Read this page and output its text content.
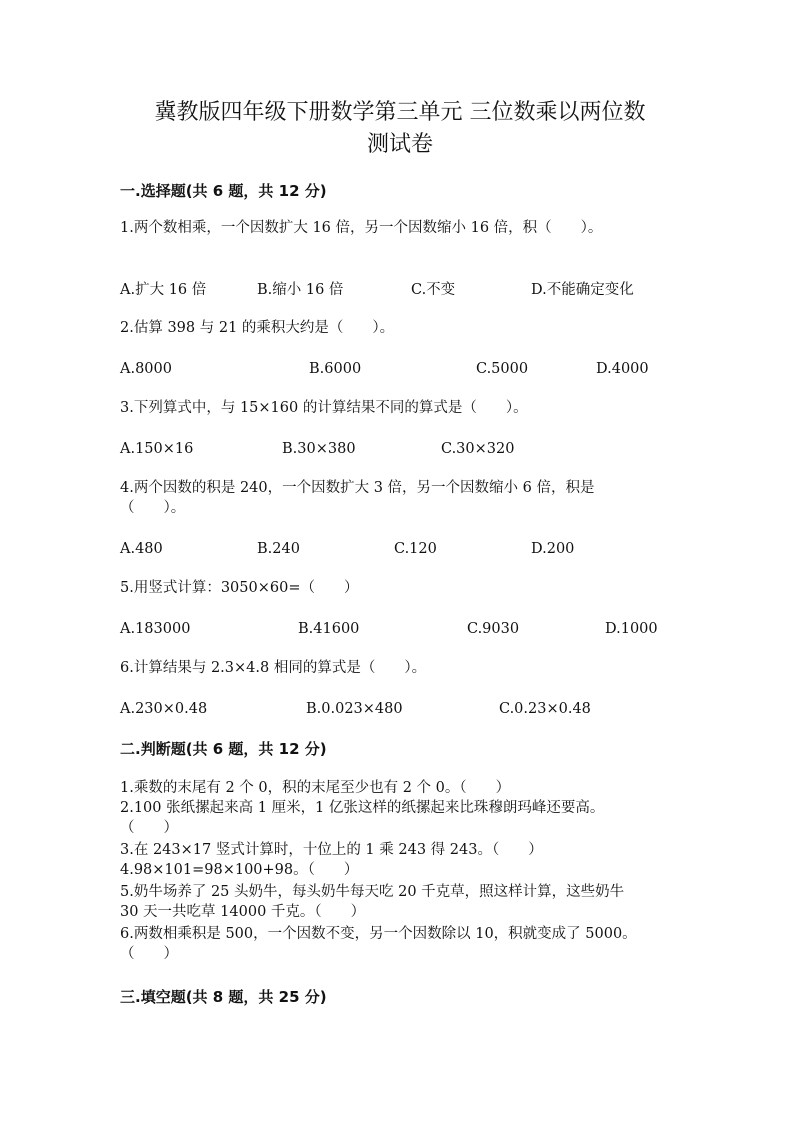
冀教版四年级下册数学第三单元 三位数乘以两位数
测试卷
一.选择题(共 6 题，共 12 分)

1.两个数相乘，一个因数扩大 16 倍，另一个因数缩小 16 倍，积（　　）。

A.扩大 16 倍	B.缩小 16 倍	C.不变	D.不能确定变化

2.估算 398 与 21 的乘积大约是（　　）。

A.8000	B.6000	C.5000	D.4000

3.下列算式中，与 15×160 的计算结果不同的算式是（　　）。

A.150×16	B.30×380	C.30×320

4.两个因数的积是 240，一个因数扩大 3 倍，另一个因数缩小 6 倍，积是

（　　）。

A.480	B.240	C.120	D.200

5.用竖式计算：3050×60=（　　）

A.183000	B.41600	C.9030	D.1000

6.计算结果与 2.3×4.8 相同的算式是（　　）。

A.230×0.48	B.0.023×480	C.0.23×0.48
二.判断题(共 6 题，共 12 分)

1.乘数的末尾有 2 个 0，积的末尾至少也有 2 个 0。（　　）

2.100 张纸摞起来高 1 厘米，1 亿张这样的纸摞起来比珠穆朗玛峰还要高。

（　　）

3.在 243×17 竖式计算时，十位上的 1 乘 243 得 243。（　　）

4.98×101=98×100+98。（　　）

5.奶牛场养了 25 头奶牛，每头奶牛每天吃 20 千克草，照这样计算，这些奶牛

30 天一共吃草 14000 千克。（　　）

6.两数相乘积是 500，一个因数不变，另一个因数除以 10，积就变成了 5000。

（　　）

三.填空题(共 8 题，共 25 分)
